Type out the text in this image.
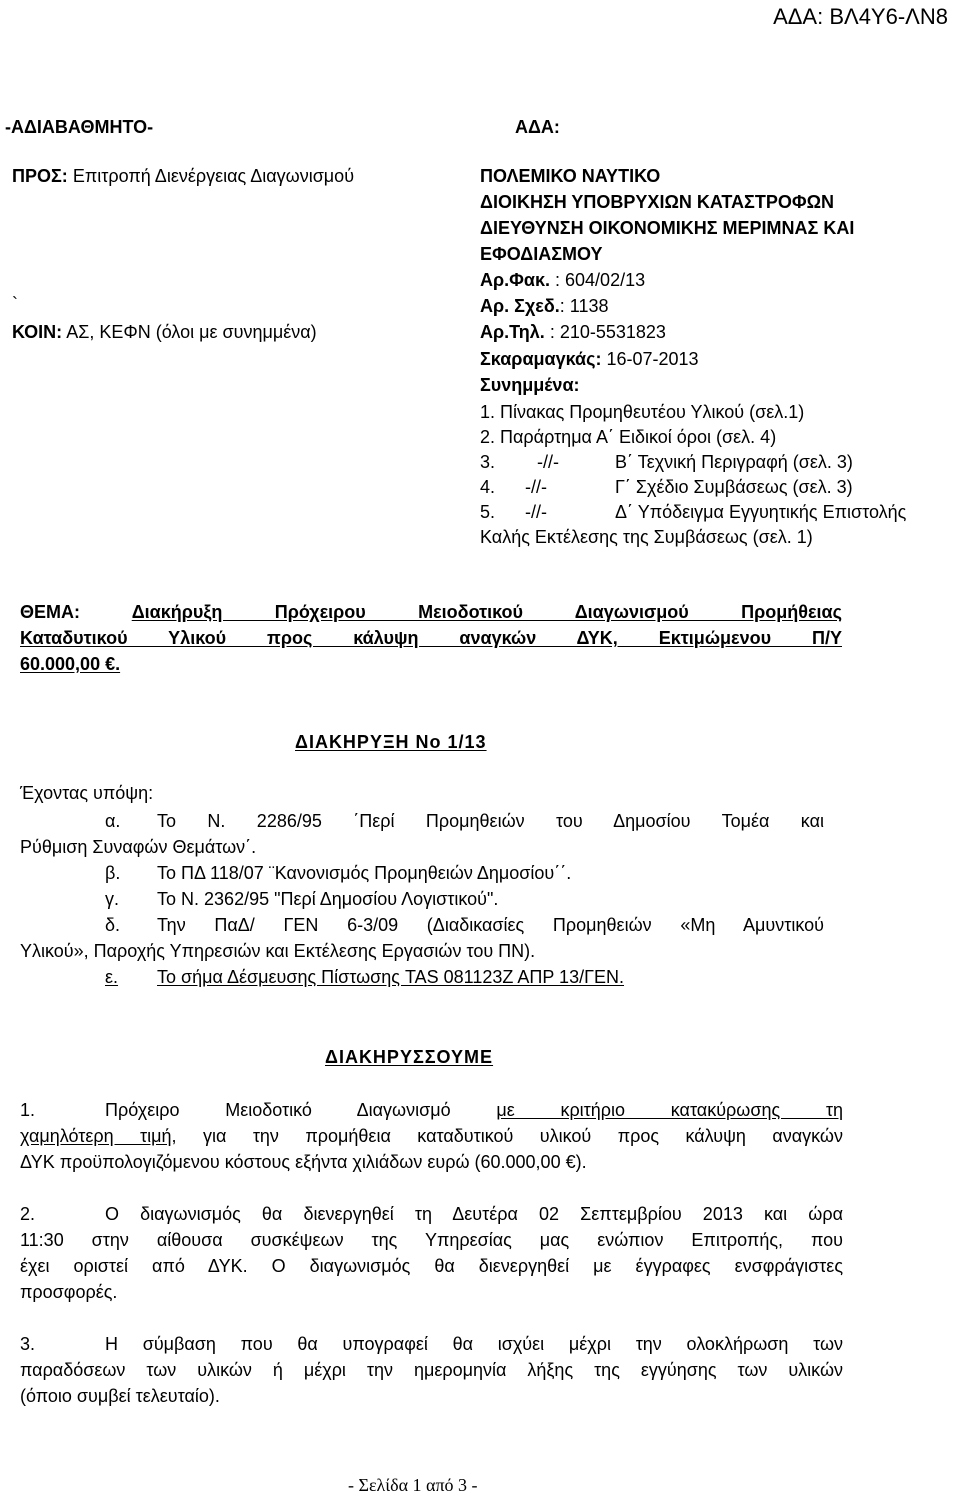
ΑΔΑ: ΒΛ4Υ6-ΛΝ8
-ΑΔΙΑΒΑΘΜΗΤΟ-
ΠΡΟΣ: Επιτροπή Διενέργειας Διαγωνισμού
`
ΚΟΙΝ: ΑΣ, ΚΕΦΝ (όλοι με συνημμένα)
ΑΔΑ:
ΠΟΛΕΜΙΚΟ ΝΑΥΤΙΚΟ
ΔΙΟΙΚΗΣΗ ΥΠΟΒΡΥΧΙΩΝ ΚΑΤΑΣΤΡΟΦΩΝ
ΔΙΕΥΘΥΝΣΗ ΟΙΚΟΝΟΜΙΚΗΣ ΜΕΡΙΜΝΑΣ ΚΑΙ
ΕΦΟΔΙΑΣΜΟΥ
Αρ.Φακ. : 604/02/13
Αρ. Σχεδ.: 1138
Αρ.Τηλ. : 210-5531823
Σκαραμαγκάς: 16-07-2013
Συνημμένα:
1. Πίνακας Προμηθευτέου Υλικού (σελ.1)
2. Παράρτημα Α΄ Ειδικοί όροι (σελ. 4)
3. -//-	Β΄ Τεχνική Περιγραφή (σελ. 3)
4. -//-	Γ΄ Σχέδιο Συμβάσεως (σελ. 3)
5. -//-	Δ΄ Υπόδειγμα Εγγυητικής Επιστολής
Καλής Εκτέλεσης της Συμβάσεως (σελ. 1)
ΘΕΜΑ:	Διακήρυξη Πρόχειρου Μειοδοτικού Διαγωνισμού Προμήθειας
Καταδυτικού Υλικού προς κάλυψη αναγκών ΔΥΚ, Εκτιμώμενου Π/Υ
60.000,00 €.
ΔΙΑΚΗΡΥΞΗ Νο 1/13
Έχοντας υπόψη:
α. Το Ν. 2286/95 ΄Περί Προμηθειών του Δημοσίου Τομέα και
Ρύθμιση Συναφών Θεμάτων΄.
β. Το ΠΔ 118/07 ¨Κανονισμός Προμηθειών Δημοσίου΄΄.
γ. Το Ν. 2362/95 "Περί Δημοσίου Λογιστικού".
δ. Την ΠαΔ/ ΓΕΝ 6-3/09 (Διαδικασίες Προμηθειών «Μη Αμυντικού
Υλικού», Παροχής Υπηρεσιών και Εκτέλεσης Εργασιών του ΠΝ).
ε. Το σήμα Δέσμευσης Πίστωσης TAS 081123Ζ ΑΠΡ 13/ΓΕΝ.
ΔΙΑΚΗΡΥΣΣΟΥΜΕ
1.	Πρόχειρο Μειοδοτικό Διαγωνισμό	με κριτήριο κατακύρωσης τη
χαμηλότερη τιμή, για την προμήθεια καταδυτικού υλικού προς κάλυψη αναγκών
ΔΥΚ προϋπολογιζόμενου κόστους εξήντα χιλιάδων ευρώ (60.000,00 €).
2.	Ο διαγωνισμός θα διενεργηθεί τη Δευτέρα 02 Σεπτεμβρίου 2013 και ώρα
11:30 στην αίθουσα συσκέψεων της Υπηρεσίας μας ενώπιον Επιτροπής, που
έχει οριστεί από ΔΥΚ. Ο διαγωνισμός θα διενεργηθεί με έγγραφες ενσφράγιστες
προσφορές.
3.	Η σύμβαση που θα υπογραφεί θα ισχύει μέχρι την ολοκλήρωση των
παραδόσεων των υλικών ή μέχρι την ημερομηνία λήξης της εγγύησης των υλικών
(όποιο συμβεί τελευταίο).
- Σελίδα 1 από 3 -
